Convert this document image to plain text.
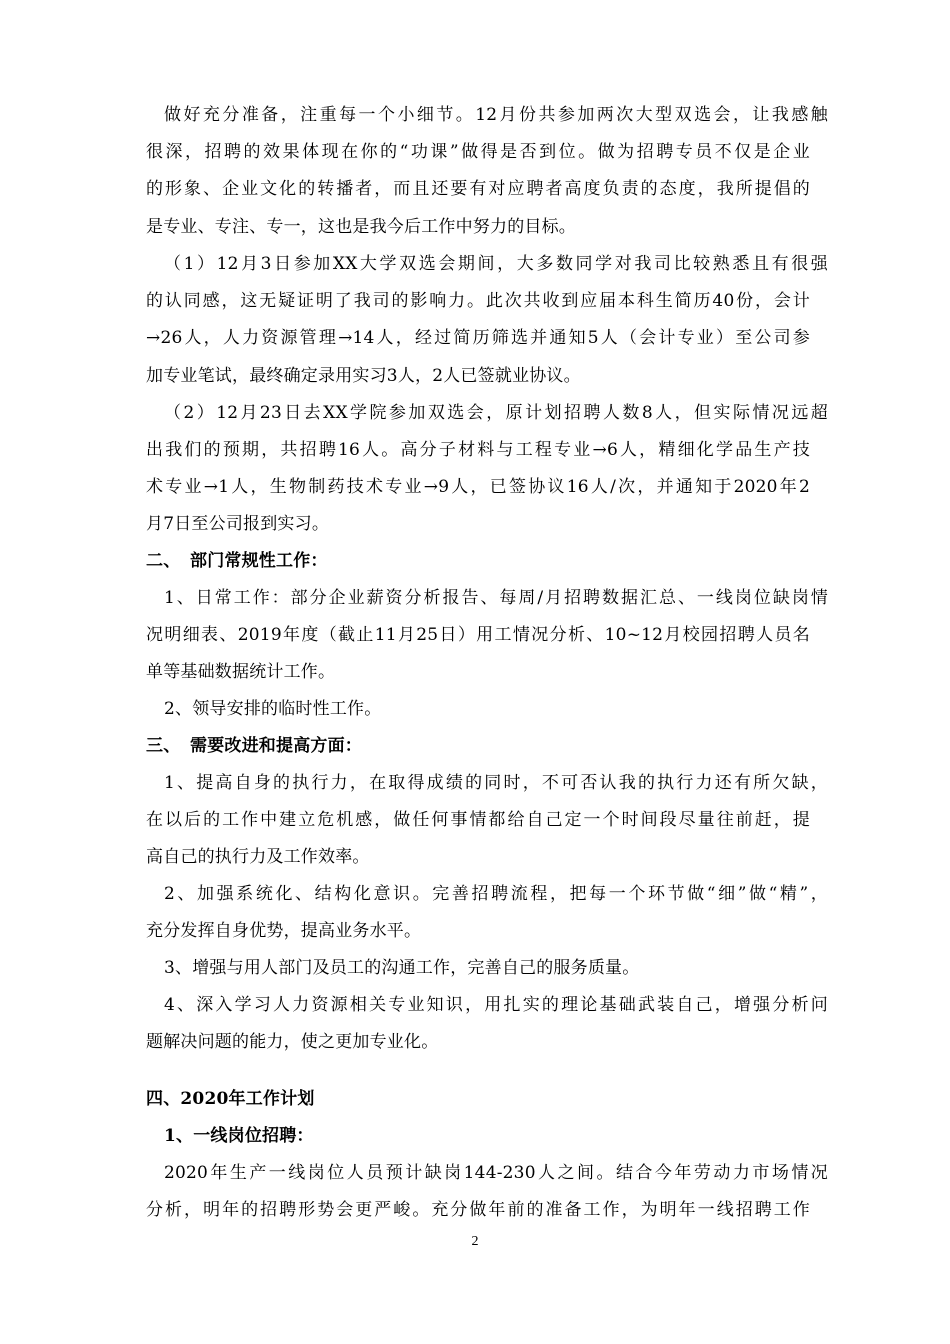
做好充分准备，注重每一个小细节。12月份共参加两次大型双选会，让我感触
很深，招聘的效果体现在你的“功课”做得是否到位。做为招聘专员不仅是企业
的形象、企业文化的转播者，而且还要有对应聘者高度负责的态度，我所提倡的
是专业、专注、专一，这也是我今后工作中努力的目标。
（1）12月3日参加XX大学双选会期间，大多数同学对我司比较熟悉且有很强
的认同感，这无疑证明了我司的影响力。此次共收到应届本科生简历40份，会计
→26人，人力资源管理→14人，经过简历筛选并通知5人（会计专业）至公司参
加专业笔试，最终确定录用实习3人，2人已签就业协议。
（2）12月23日去XX学院参加双选会，原计划招聘人数8人，但实际情况远超
出我们的预期，共招聘16人。高分子材料与工程专业→6人，精细化学品生产技
术专业→1人，生物制药技术专业→9人，已签协议16人/次，并通知于2020年2
月7日至公司报到实习。
二、 部门常规性工作：
1、日常工作：部分企业薪资分析报告、每周/月招聘数据汇总、一线岗位缺岗情
况明细表、2019年度（截止11月25日）用工情况分析、10~12月校园招聘人员名
单等基础数据统计工作。
2、领导安排的临时性工作。
三、 需要改进和提高方面：
1、提高自身的执行力，在取得成绩的同时，不可否认我的执行力还有所欠缺，
在以后的工作中建立危机感，做任何事情都给自己定一个时间段尽量往前赶，提
高自己的执行力及工作效率。
2、加强系统化、结构化意识。完善招聘流程，把每一个环节做“细”做“精”，
充分发挥自身优势，提高业务水平。
3、增强与用人部门及员工的沟通工作，完善自己的服务质量。
4、深入学习人力资源相关专业知识，用扎实的理论基础武装自己，增强分析问
题解决问题的能力，使之更加专业化。
四、2020年工作计划
1、一线岗位招聘：
2020年生产一线岗位人员预计缺岗144-230人之间。结合今年劳动力市场情况
分析，明年的招聘形势会更严峻。充分做年前的准备工作，为明年一线招聘工作
2
